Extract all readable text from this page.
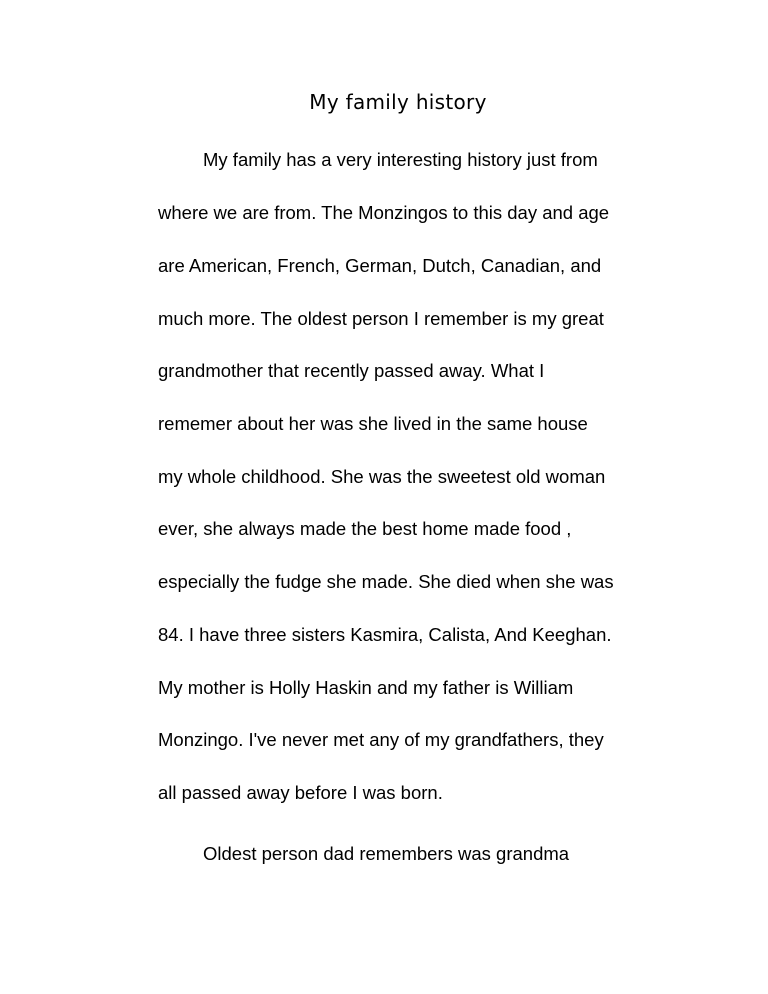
My family history
My family has a very interesting history just from
where we are from. The Monzingos to this day and age
are American, French, German, Dutch, Canadian, and
much more. The oldest person I remember is my great
grandmother that recently passed away. What I
rememer about her was she lived in the same house
my whole childhood. She was the sweetest old woman
ever, she always made the best home made food ,
especially the fudge she made. She died when she was
84. I have three sisters Kasmira, Calista, And Keeghan.
My mother is Holly Haskin and my father is William
Monzingo. I've never met any of my grandfathers, they
all passed away before I was born.
Oldest person dad remembers was grandma
